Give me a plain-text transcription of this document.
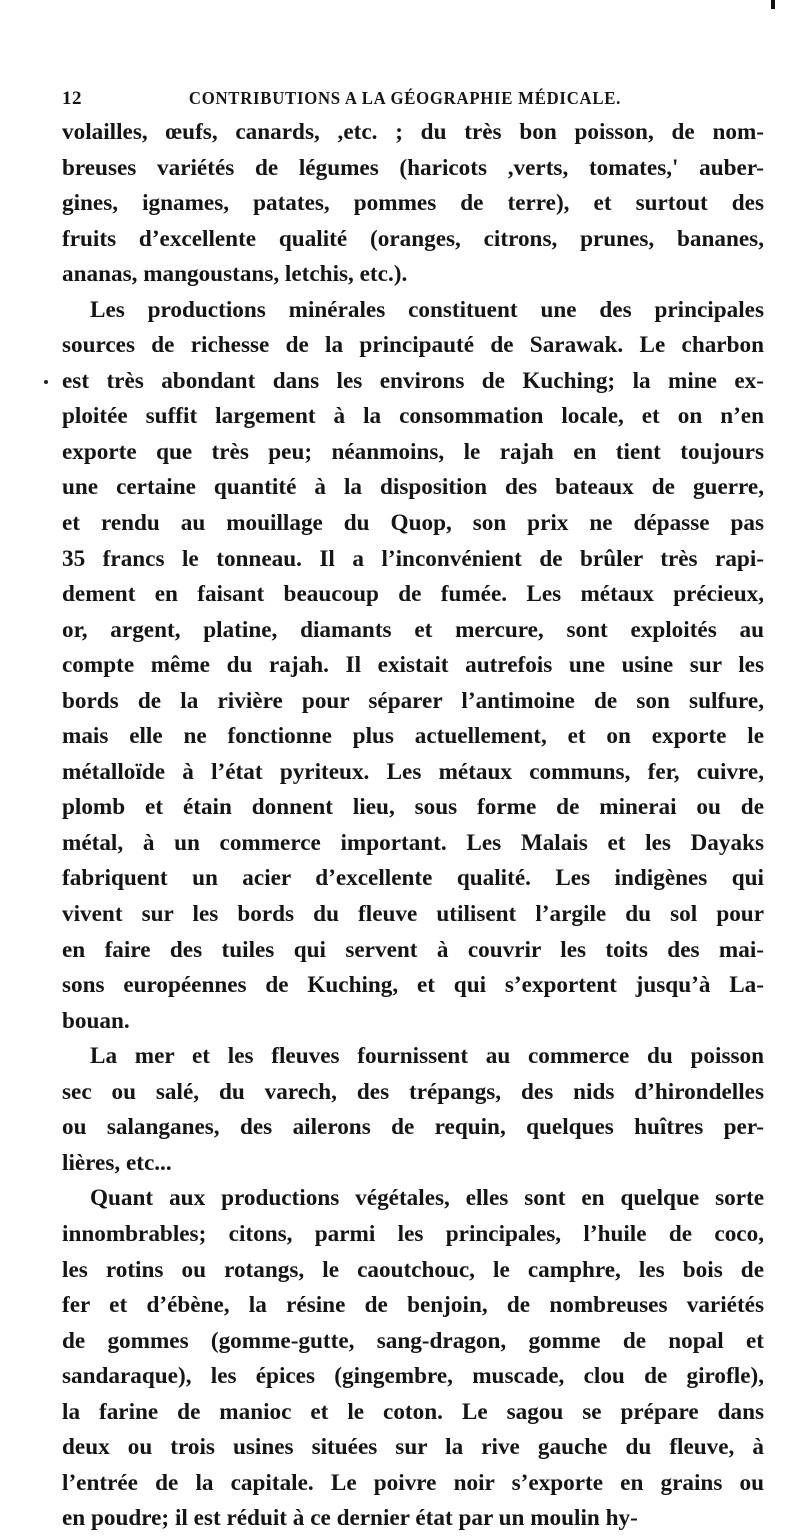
12	CONTRIBUTIONS A LA GÉOGRAPHIE MÉDICALE.
volailles, œufs, canards, ,etc. ; du très bon poisson, de nom-
breuses variétés de légumes (haricots ,verts, tomates,' auber-
gines, ignames, patates, pommes de terre), et surtout des
fruits d’excellente qualité (oranges, citrons, prunes, bananes,
ananas, mangoustans, letchis, etc.).
Les productions minérales constituent une des principales
sources de richesse de la principauté de Sarawak. Le charbon
est très abondant dans les environs de Kuching; la mine ex-
ploitée suffit largement à la consommation locale, et on n’en
exporte que très peu; néanmoins, le rajah en tient toujours
une certaine quantité à la disposition des bateaux de guerre,
et rendu au mouillage du Quop, son prix ne dépasse pas
35 francs le tonneau. Il a l’inconvénient de brûler très rapi-
dement en faisant beaucoup de fumée. Les métaux précieux,
or, argent, platine, diamants et mercure, sont exploités au
compte même du rajah. Il existait autrefois une usine sur les
bords de la rivière pour séparer l’antimoine de son sulfure,
mais elle ne fonctionne plus actuellement, et on exporte le
métalloïde à l’état pyriteux. Les métaux communs, fer, cuivre,
plomb et étain donnent lieu, sous forme de minerai ou de
métal, à un commerce important. Les Malais et les Dayaks
fabriquent un acier d’excellente qualité. Les indigènes qui
vivent sur les bords du fleuve utilisent l’argile du sol pour
en faire des tuiles qui servent à couvrir les toits des mai-
sons européennes de Kuching, et qui s’exportent jusqu’à La-
bouan.
La mer et les fleuves fournissent au commerce du poisson
sec ou salé, du varech, des trépangs, des nids d’hirondelles
ou salanganes, des ailerons de requin, quelques huîtres per-
lières, etc...
Quant aux productions végétales, elles sont en quelque sorte
innombrables; citons, parmi les principales, l’huile de coco,
les rotins ou rotangs, le caoutchouc, le camphre, les bois de
fer et d’ébène, la résine de benjoin, de nombreuses variétés
de gommes (gomme-gutte, sang-dragon, gomme de nopal et
sandaraque), les épices (gingembre, muscade, clou de girofle),
la farine de manioc et le coton. Le sagou se prépare dans
deux ou trois usines situées sur la rive gauche du fleuve, à
l’entrée de la capitale. Le poivre noir s’exporte en grains ou
en poudre; il est réduit à ce dernier état par un moulin hy-
